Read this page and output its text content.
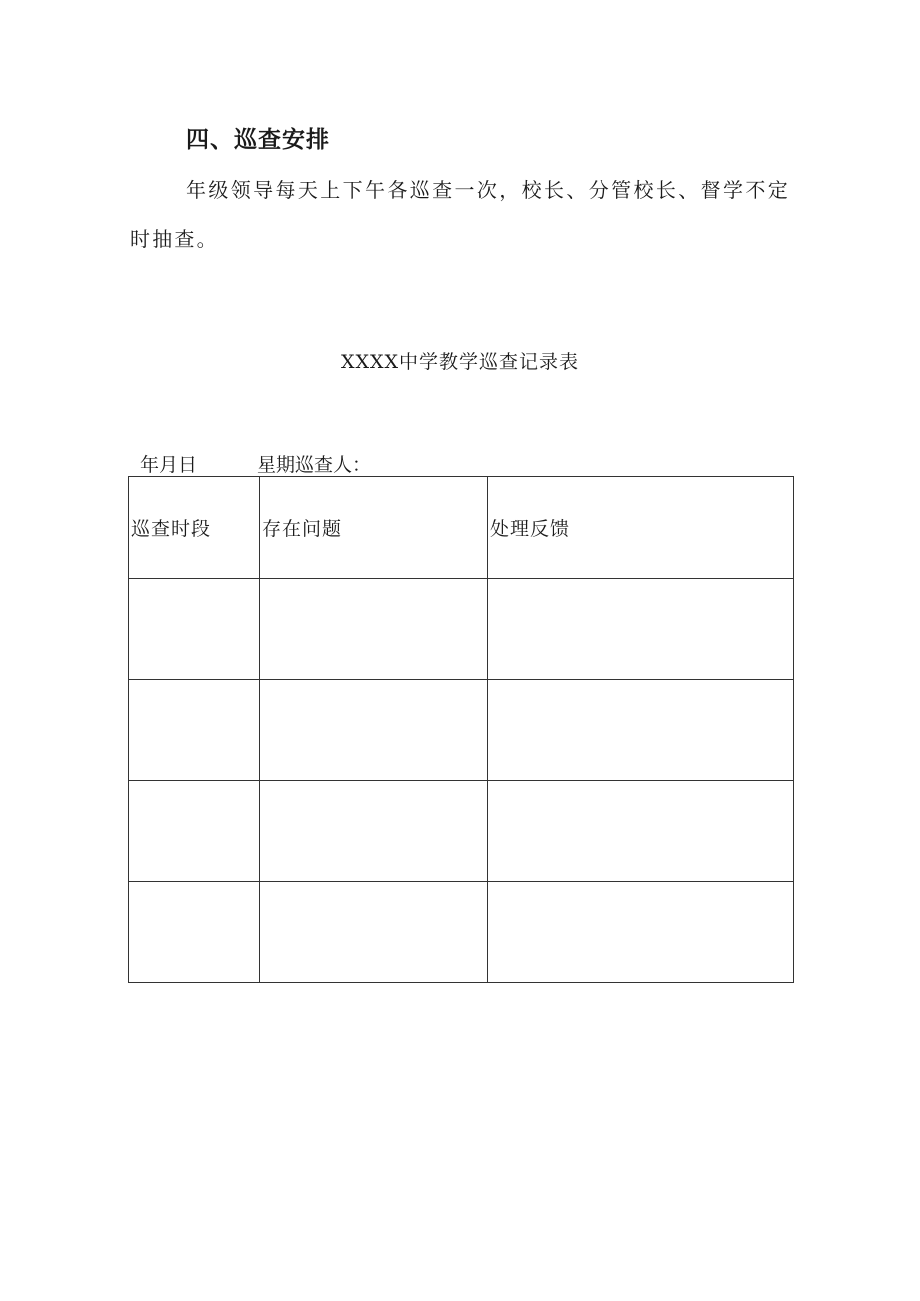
四、巡查安排
年级领导每天上下午各巡查一次，校长、分管校长、督学不定时抽查。
XXXX中学教学巡查记录表
年月日	星期巡查人：
巡查时段	存在问题	处理反馈
